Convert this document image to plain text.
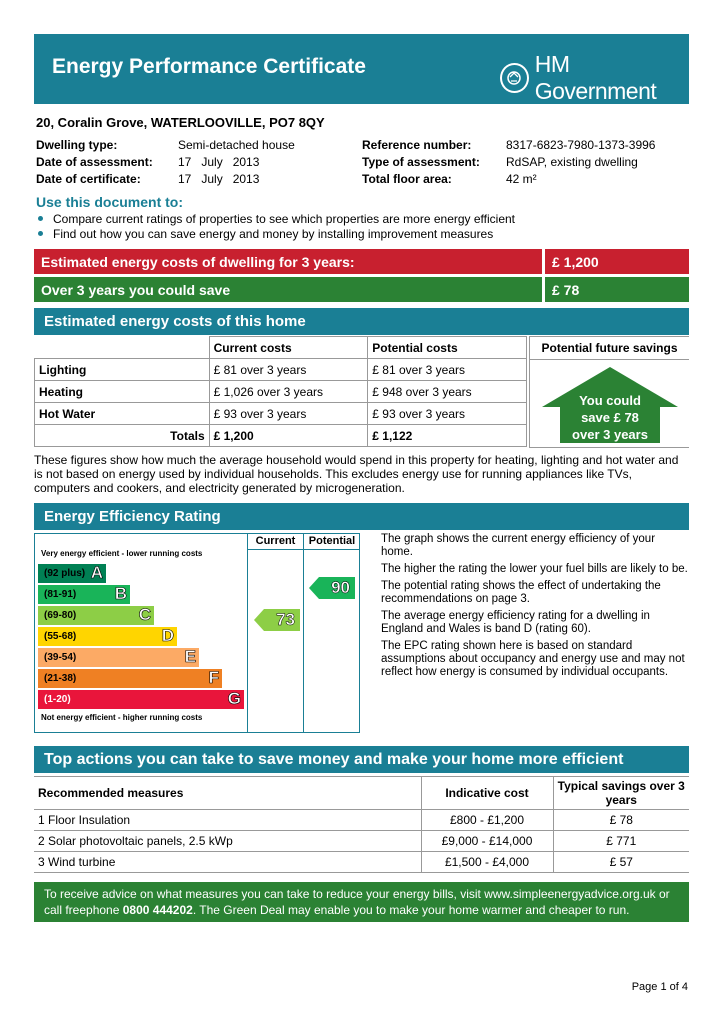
Energy Performance Certificate	HM Government
20, Coralin Grove, WATERLOOVILLE, PO7 8QY
Dwelling type:	Semi-detached house
Date of assessment: 17   July   2013
Date of certificate:	17   July   2013
Reference number:	8317-6823-7980-1373-3996
Type of assessment: RdSAP, existing dwelling
Total floor area:	42 m²
Use this document to:
Compare current ratings of properties to see which properties are more energy efficient
Find out how you can save energy and money by installing improvement measures
Estimated energy costs of dwelling for 3 years:	£ 1,200
Over 3 years you could save	£ 78
Estimated energy costs of this home
	Current costs	Potential costs
Lighting	£ 81 over 3 years	£ 81 over 3 years
Heating	£ 1,026 over 3 years	£ 948 over 3 years
Hot Water	£ 93 over 3 years	£ 93 over 3 years
Totals	£ 1,200	£ 1,122
Potential future savings
You could
save £ 78
over 3 years
These figures show how much the average household would spend in this property for heating, lighting and hot water and is not based on energy used by individual households. This excludes energy use for running appliances like TVs, computers and cookers, and electricity generated by microgeneration.
Energy Efficiency Rating
Current	Potential
Very energy efficient - lower running costs
(92 plus) A
(81-91) B
(69-80)	C
(55-68)	D
(39-54)	E
(21-38)	F
(1-20)	G
Not energy efficient - higher running costs
73
90

The graph shows the current energy efficiency of your home.

The higher the rating the lower your fuel bills are likely to be.

The potential rating shows the effect of undertaking the recommendations on page 3.

The average energy efficiency rating for a dwelling in England and Wales is band D (rating 60).

The EPC rating shown here is based on standard assumptions about occupancy and energy use and may not reflect how energy is consumed by individual occupants.

Top actions you can take to save money and make your home more efficient
Recommended measures	Indicative cost	Typical savings over 3 years
1 Floor Insulation	£800 - £1,200	£ 78
2 Solar photovoltaic panels, 2.5 kWp	£9,000 - £14,000	£ 771
3 Wind turbine	£1,500 - £4,000	£ 57
To receive advice on what measures you can take to reduce your energy bills, visit www.simpleenergyadvice.org.uk or call freephone 0800 444202. The Green Deal may enable you to make your home warmer and cheaper to run.
Page 1 of 4
